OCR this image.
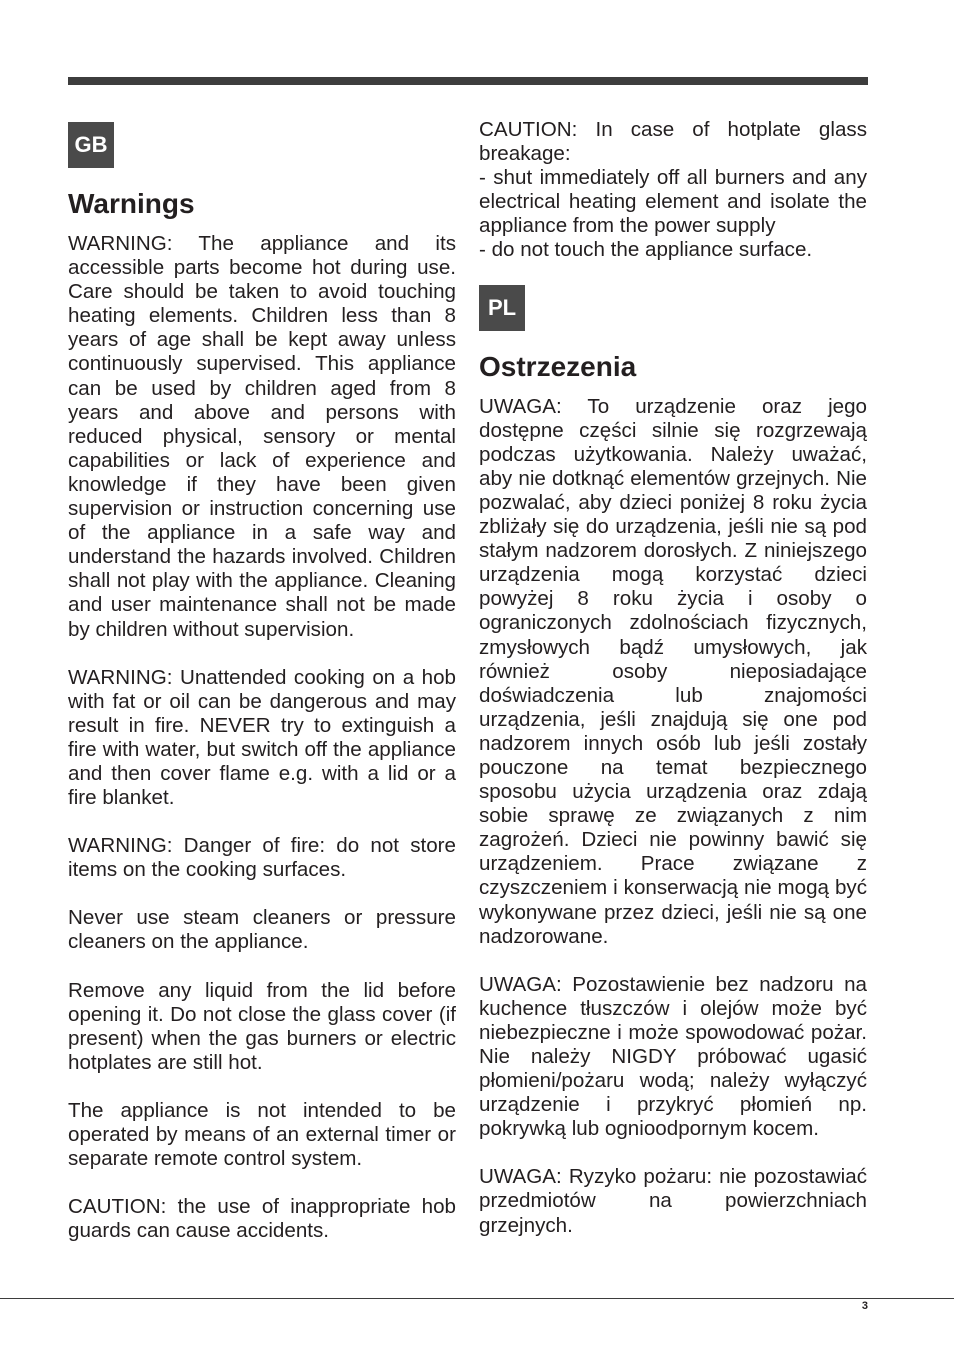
GB
Warnings

WARNING: The appliance and its accessible parts become hot during use. Care should be taken to avoid touching heating elements. Children less than 8 years of age shall be kept away unless continuously supervised. This appliance can be used by children aged from 8 years and above and persons with reduced physical, sensory or mental capabilities or lack of experience and knowledge if they have been given supervision or instruction concerning use of the appliance in a safe way and understand the hazards involved. Children shall not play with the appliance. Cleaning and user maintenance shall not be made by children without supervision.

WARNING: Unattended cooking on a hob with fat or oil can be dangerous and may result in fire. NEVER try to extinguish a fire with water, but switch off the appliance and then cover flame e.g. with a lid or a fire blanket.

WARNING: Danger of fire: do not store items on the cooking surfaces.

Never use steam cleaners or pressure cleaners on the appliance.

Remove any liquid from the lid before opening it. Do not close the glass cover (if present) when the gas burners or electric hotplates are still hot.

The appliance is not intended to be operated by means of an external timer or separate remote control system.

CAUTION: the use of inappropriate hob guards can cause accidents.

CAUTION: In case of hotplate glass breakage:

- shut immediately off all burners and any electrical heating element and isolate the appliance from the power supply

- do not touch the appliance surface.

PL
Ostrzezenia

UWAGA: To urządzenie oraz jego dostępne części silnie się rozgrzewają podczas użytkowania. Należy uważać, aby nie dotknąć elementów grzejnych. Nie pozwalać, aby dzieci poniżej 8 roku życia zbliżały się do urządzenia, jeśli nie są pod stałym nadzorem dorosłych. Z niniejszego urządzenia mogą korzystać dzieci powyżej 8 roku życia i osoby o ograniczonych zdolnościach fizycznych, zmysłowych bądź umysłowych, jak również osoby nieposiadające doświadczenia lub znajomości urządzenia, jeśli znajdują się one pod nadzorem innych osób lub jeśli zostały pouczone na temat bezpiecznego sposobu użycia urządzenia oraz zdają sobie sprawę ze związanych z nim zagrożeń. Dzieci nie powinny bawić się urządzeniem. Prace związane z czyszczeniem i konserwacją nie mogą być wykonywane przez dzieci, jeśli nie są one nadzorowane.

UWAGA: Pozostawienie bez nadzoru na kuchence tłuszczów i olejów może być niebezpieczne i może spowodować pożar. Nie należy NIGDY próbować ugasić płomieni/pożaru wodą; należy wyłączyć urządzenie i przykryć płomień np. pokrywką lub ognioodpornym kocem.

UWAGA: Ryzyko pożaru: nie pozostawiać przedmiotów na powierzchniach grzejnych.

3
